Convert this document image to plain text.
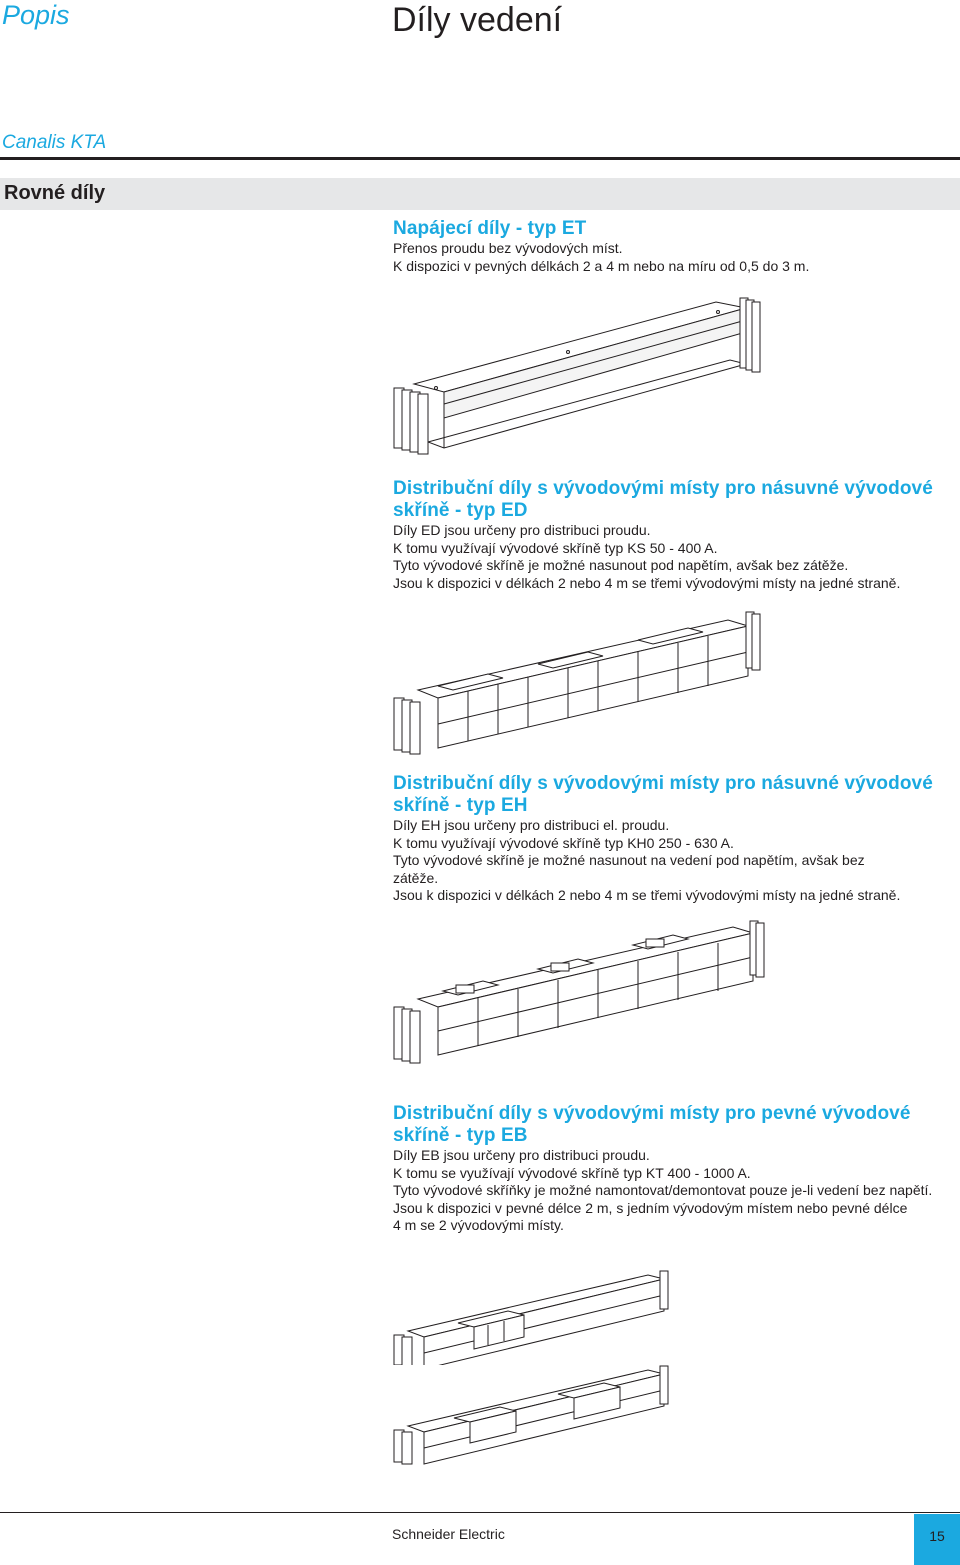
Popis	Díly vedení
Canalis KTA
Rovné díly
Napájecí díly - typ ET

Přenos proudu bez vývodových míst.

K dispozici v pevných délkách 2 a 4 m nebo na míru od 0,5 do 3 m.

Distribuční díly s vývodovými místy pro násuvné vývodové
skříně - typ ED

Díly ED jsou určeny pro distribuci proudu.

K tomu využívají vývodové skříně typ KS 50 - 400 A.

Tyto vývodové skříně je možné nasunout pod napětím, avšak bez zátěže.

Jsou k dispozici v délkách 2 nebo 4 m se třemi vývodovými místy na jedné straně.

Distribuční díly s vývodovými místy pro násuvné vývodové
skříně - typ EH

Díly EH jsou určeny pro distribuci el. proudu.

K tomu využívají vývodové skříně typ KH0 250 - 630 A.

Tyto vývodové skříně je možné nasunout na vedení pod napětím, avšak bez

zátěže.

Jsou k dispozici v délkách 2 nebo 4 m se třemi vývodovými místy na jedné straně.

Distribuční díly s vývodovými místy pro pevné vývodové
skříně - typ EB

Díly EB jsou určeny pro distribuci proudu.

K tomu se využívají vývodové skříně typ KT 400 - 1000 A.

Tyto vývodové skříňky je možné namontovat/demontovat pouze je-li vedení bez napětí.

Jsou k dispozici v pevné délce 2 m, s jedním vývodovým místem nebo pevné délce

4 m se 2 vývodovými místy.

Schneider Electric	15
